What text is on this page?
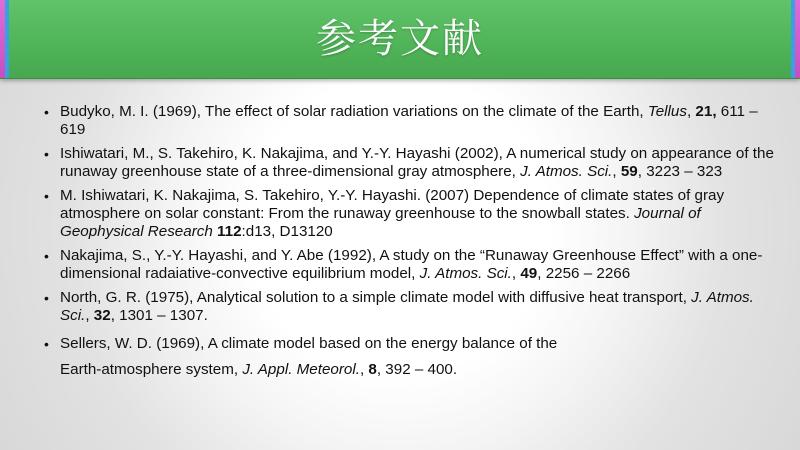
参考文献
• Budyko, M. I. (1969), The effect of solar radiation variations on the climate of the Earth, Tellus, 21, 611 – 619
• Ishiwatari, M., S. Takehiro, K. Nakajima, and Y.-Y. Hayashi (2002), A numerical study on appearance of the runaway greenhouse state of a three-dimensional gray atmosphere, J. Atmos. Sci., 59, 3223 – 323
• M. Ishiwatari, K. Nakajima, S. Takehiro, Y.-Y. Hayashi. (2007) Dependence of climate states of gray atmosphere on solar constant: From the runaway greenhouse to the snowball states. Journal of Geophysical Research 112:d13, D13120
• Nakajima, S., Y.-Y. Hayashi, and Y. Abe (1992), A study on the “Runaway Greenhouse Effect” with a one-dimensional radaiative-convective equilibrium model, J. Atmos. Sci., 49, 2256 – 2266
• North, G. R. (1975), Analytical solution to a simple climate model with diffusive heat transport, J. Atmos. Sci., 32, 1301 – 1307.
• Sellers, W. D. (1969), A climate model based on the energy balance of the
Earth-atmosphere system, J. Appl. Meteorol., 8, 392 – 400.
